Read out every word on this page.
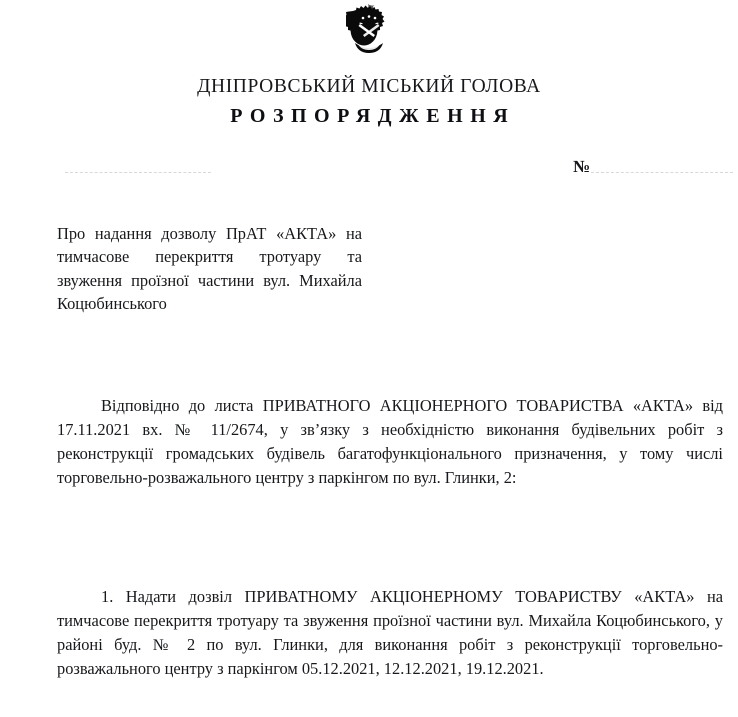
ДНІПРОВСЬКИЙ МІСЬКИЙ ГОЛОВА
РОЗПОРЯДЖЕННЯ
№
Про надання дозволу ПрАТ «АКТА» на тимчасове перекриття тротуару та звуження проїзної частини вул. Михайла Коцюбинського
Відповідно до листа ПРИВАТНОГО АКЦІОНЕРНОГО ТОВАРИСТВА «АКТА» від 17.11.2021 вх. № 11/2674, у зв’язку з необхідністю виконання будівельних робіт з реконструкції громадських будівель багатофункціонального призначення, у тому числі торговельно-розважального центру з паркінгом по вул. Глинки, 2:
1. Надати дозвіл ПРИВАТНОМУ АКЦІОНЕРНОМУ ТОВАРИСТВУ «АКТА» на тимчасове перекриття тротуару та звуження проїзної частини вул. Михайла Коцюбинського, у районі буд. № 2 по вул. Глинки, для виконання робіт з реконструкції торговельно-розважального центру з паркінгом 05.12.2021, 12.12.2021, 19.12.2021.
